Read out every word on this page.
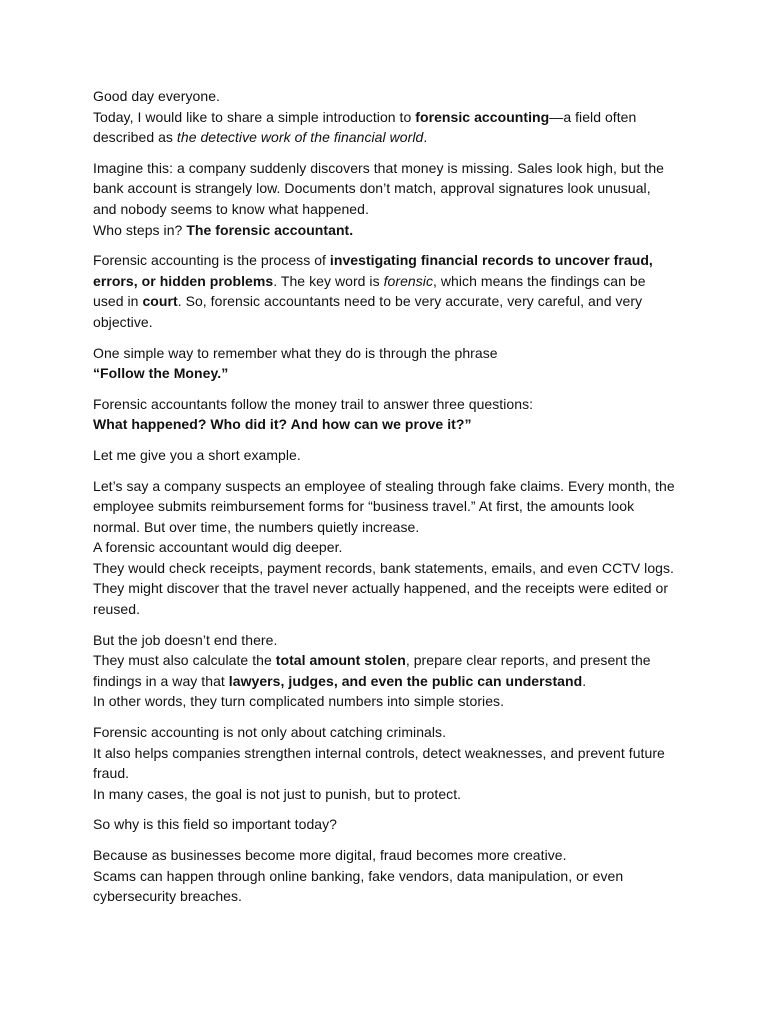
Good day everyone.
Today, I would like to share a simple introduction to forensic accounting—a field often described as the detective work of the financial world.

Imagine this: a company suddenly discovers that money is missing. Sales look high, but the bank account is strangely low. Documents don’t match, approval signatures look unusual, and nobody seems to know what happened.
Who steps in? The forensic accountant.

Forensic accounting is the process of investigating financial records to uncover fraud, errors, or hidden problems. The key word is forensic, which means the findings can be used in court. So, forensic accountants need to be very accurate, very careful, and very objective.

One simple way to remember what they do is through the phrase
“Follow the Money.”

Forensic accountants follow the money trail to answer three questions:
What happened? Who did it? And how can we prove it?”

Let me give you a short example.

Let’s say a company suspects an employee of stealing through fake claims. Every month, the employee submits reimbursement forms for “business travel.” At first, the amounts look normal. But over time, the numbers quietly increase.
A forensic accountant would dig deeper.
They would check receipts, payment records, bank statements, emails, and even CCTV logs.
They might discover that the travel never actually happened, and the receipts were edited or reused.

But the job doesn’t end there.
They must also calculate the total amount stolen, prepare clear reports, and present the findings in a way that lawyers, judges, and even the public can understand.
In other words, they turn complicated numbers into simple stories.

Forensic accounting is not only about catching criminals.
It also helps companies strengthen internal controls, detect weaknesses, and prevent future fraud.
In many cases, the goal is not just to punish, but to protect.

So why is this field so important today?

Because as businesses become more digital, fraud becomes more creative.
Scams can happen through online banking, fake vendors, data manipulation, or even cybersecurity breaches.
